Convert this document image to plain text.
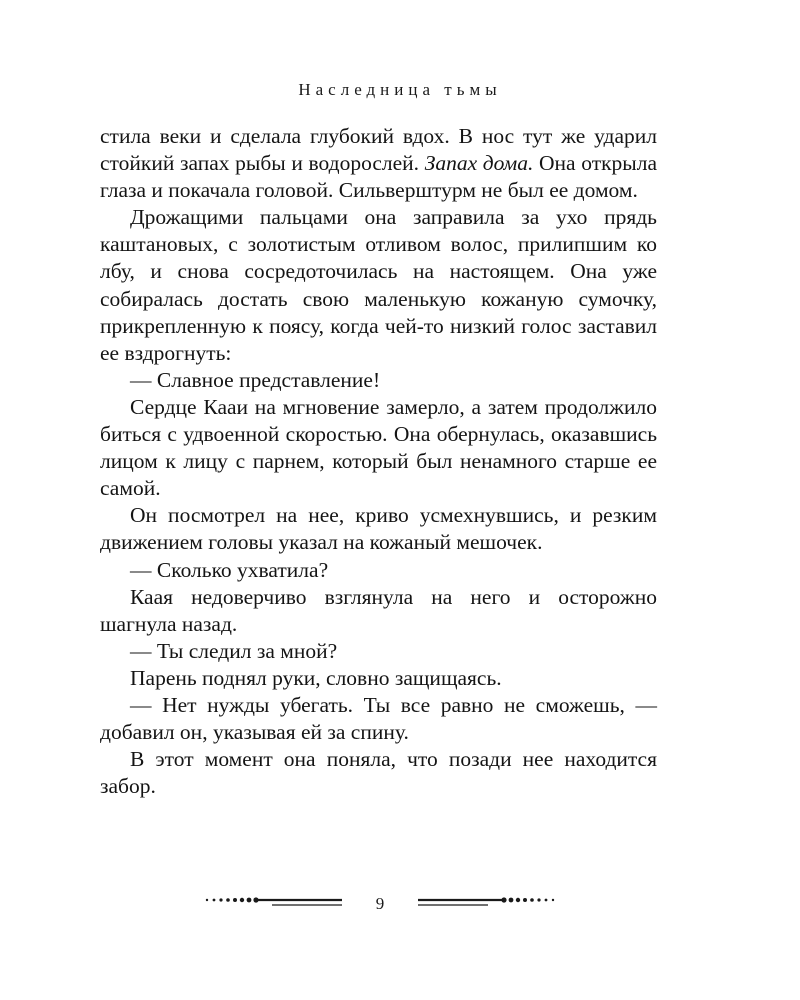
Наследница тьмы

стила веки и сделала глубокий вдох. В нос тут же ударил стойкий запах рыбы и водорослей. Запах дома. Она открыла глаза и покачала головой. Сильверштурм не был ее домом.

Дрожащими пальцами она заправила за ухо прядь каштановых, с золотистым отливом волос, прилипшим ко лбу, и снова сосредоточилась на настоящем. Она уже собиралась достать свою маленькую кожаную сумочку, прикрепленную к поясу, когда чей-то низкий голос заставил ее вздрогнуть:

— Славное представление!

Сердце Кааи на мгновение замерло, а затем продолжило биться с удвоенной скоростью. Она обернулась, оказавшись лицом к лицу с парнем, который был ненамного старше ее самой.

Он посмотрел на нее, криво усмехнувшись, и резким движением головы указал на кожаный мешочек.

— Сколько ухватила?

Каая недоверчиво взглянула на него и осторожно шагнула назад.

— Ты следил за мной?

Парень поднял руки, словно защищаясь.

— Нет нужды убегать. Ты все равно не сможешь, — добавил он, указывая ей за спину.

В этот момент она поняла, что позади нее находится забор.

9
